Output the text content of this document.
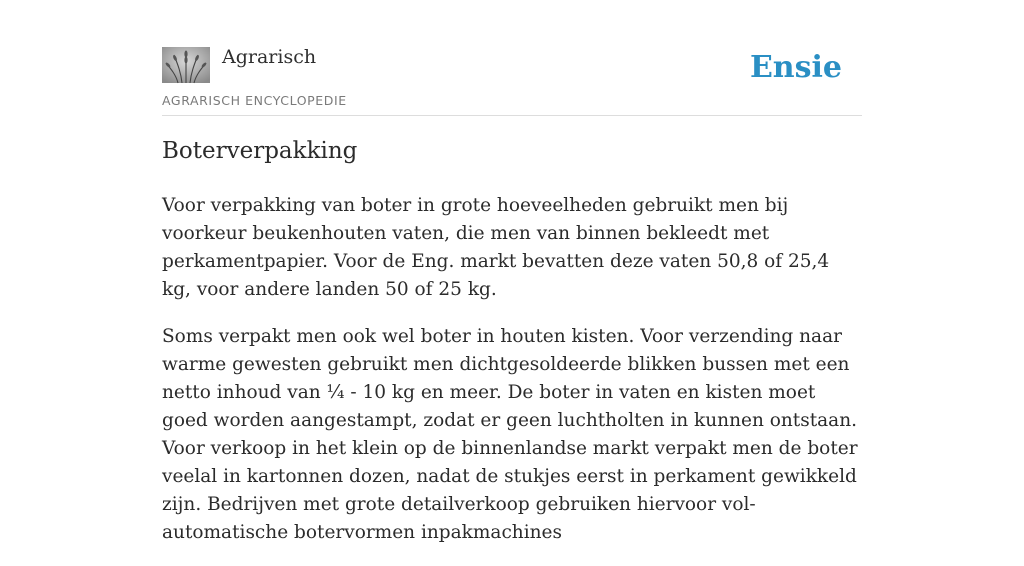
Agrarisch
AGRARISCH ENCYCLOPEDIE
Ensie
Boterverpakking

Voor verpakking van boter in grote hoeveelheden gebruikt men bij voorkeur beukenhouten vaten, die men van binnen bekleedt met perkamentpapier. Voor de Eng. markt bevatten deze vaten 50,8 of 25,4 kg, voor andere landen 50 of 25 kg.

Soms verpakt men ook wel boter in houten kisten. Voor verzending naar warme gewesten gebruikt men dichtgesoldeerde blikken bussen met een netto inhoud van ¼ - 10 kg en meer. De boter in vaten en kisten moet goed worden aangestampt, zodat er geen luchtholten in kunnen ontstaan. Voor verkoop in het klein op de binnenlandse markt verpakt men de boter veelal in kartonnen dozen, nadat de stukjes eerst in perkament gewikkeld zijn. Bedrijven met grote detailverkoop gebruiken hiervoor vol-automatische botervormen inpakmachines
